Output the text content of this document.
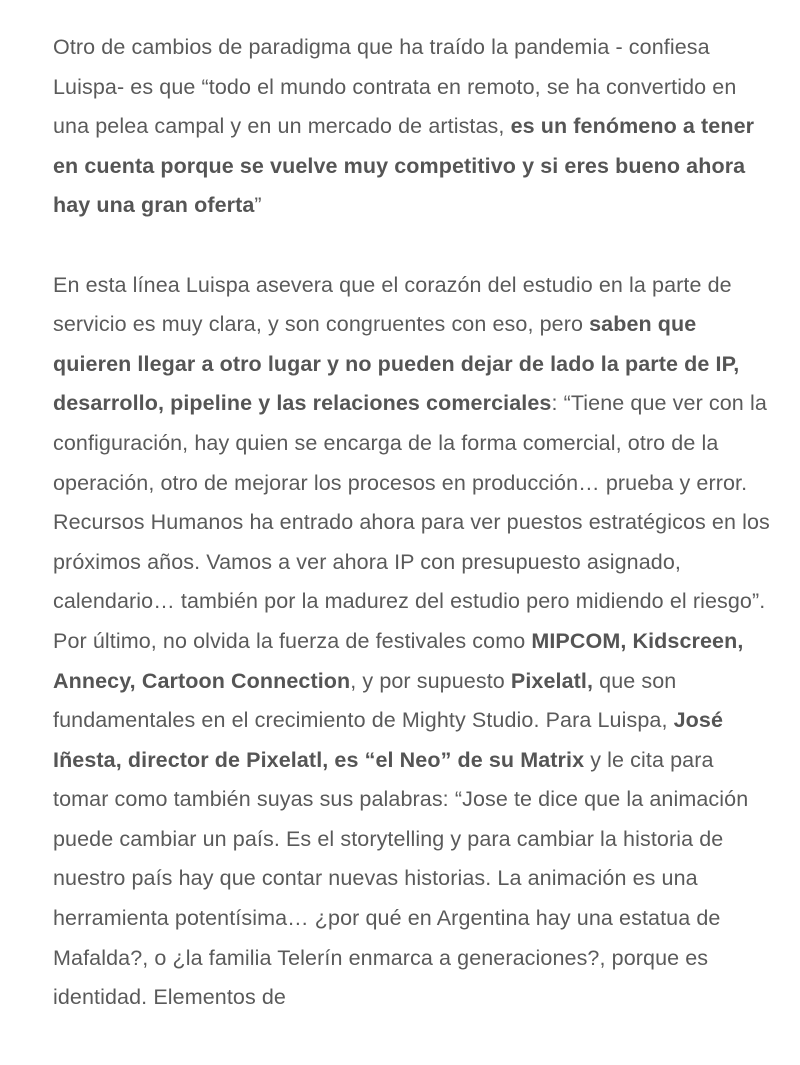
Otro de cambios de paradigma que ha traído la pandemia - confiesa Luispa- es que “todo el mundo contrata en remoto, se ha convertido en una pelea campal y en un mercado de artistas, es un fenómeno a tener en cuenta porque se vuelve muy competitivo y si eres bueno ahora hay una gran oferta”

En esta línea Luispa asevera que el corazón del estudio en la parte de servicio es muy clara, y son congruentes con eso, pero saben que quieren llegar a otro lugar y no pueden dejar de lado la parte de IP, desarrollo, pipeline y las relaciones comerciales: “Tiene que ver con la configuración, hay quien se encarga de la forma comercial, otro de la operación, otro de mejorar los procesos en producción… prueba y error. Recursos Humanos ha entrado ahora para ver puestos estratégicos en los próximos años. Vamos a ver ahora IP con presupuesto asignado, calendario… también por la madurez del estudio pero midiendo el riesgo”.

Por último, no olvida la fuerza de festivales como MIPCOM, Kidscreen, Annecy, Cartoon Connection, y por supuesto Pixelatl, que son fundamentales en el crecimiento de Mighty Studio. Para Luispa, José Iñesta, director de Pixelatl, es “el Neo” de su Matrix y le cita para tomar como también suyas sus palabras: “Jose te dice que la animación puede cambiar un país. Es el storytelling y para cambiar la historia de nuestro país hay que contar nuevas historias. La animación es una herramienta potentísima… ¿por qué en Argentina hay una estatua de Mafalda?, o ¿la familia Telerín enmarca a generaciones?, porque es identidad. Elementos de
